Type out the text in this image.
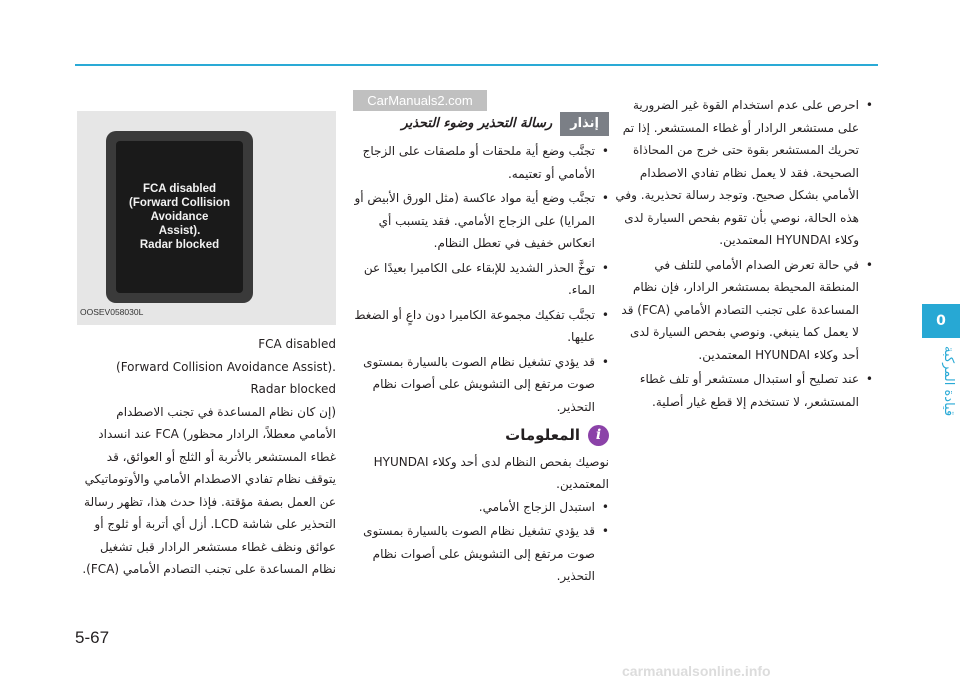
0
قيادة المركبة
• احرص على عدم استخدام القوة غير الضرورية على مستشعر الرادار أو غطاء المستشعر. إذا تم تحريك المستشعر بقوة حتى خرج من المحاذاة الصحيحة. فقد لا يعمل نظام تفادي الاصطدام الأمامي بشكل صحيح. وتوجد رسالة تحذيرية. وفي هذه الحالة، نوصي بأن تقوم بفحص السيارة لدى وكلاء HYUNDAI المعتمدين.
• في حالة تعرض الصدام الأمامي للتلف في المنطقة المحيطة بمستشعر الرادار، فإن نظام المساعدة على تجنب التصادم الأمامي (FCA) قد لا يعمل كما ينبغي. ونوصي بفحص السيارة لدى أحد وكلاء HYUNDAI المعتمدين.
• عند تصليح أو استبدال مستشعر أو تلف غطاء المستشعر، لا تستخدم إلا قطع غيار أصلية.
CarManuals2.com
إنذار
رسالة التحذير وضوء التحذير
• تجنَّب وضع أية ملحقات أو ملصقات على الزجاج الأمامي أو تعتيمه.
• تجنَّب وضع أية مواد عاكسة (مثل الورق الأبيض أو المرايا) على الزجاج الأمامي. فقد يتسبب أي انعكاس خفيف في تعطل النظام.
• توخَّ الحذر الشديد للإبقاء على الكاميرا بعيدًا عن الماء.
• تجنَّب تفكيك مجموعة الكاميرا دون داعٍ أو الضغط عليها.
• قد يؤدي تشغيل نظام الصوت بالسيارة بمستوى صوت مرتفع إلى التشويش على أصوات نظام التحذير.
i
المعلومات

نوصيك بفحص النظام لدى أحد وكلاء HYUNDAI المعتمدين.

• استبدل الزجاج الأمامي.
• قد يؤدي تشغيل نظام الصوت بالسيارة بمستوى صوت مرتفع إلى التشويش على أصوات نظام التحذير.
FCA disabled
(Forward Collision
Avoidance
Assist).
Radar blocked
OOSEV058030L
FCA disabled
.(Forward Collision Avoidance Assist)
Radar blocked

(إن كان نظام المساعدة في تجنب الاصطدام الأمامي معطلاً، الرادار محظور) FCA عند انسداد غطاء المستشعر بالأتربة أو الثلج أو العوائق، قد يتوقف نظام تفادي الاصطدام الأمامي والأوتوماتيكي عن العمل بصفة مؤقتة. فإذا حدث هذا، تظهر رسالة التحذير على شاشة LCD. أزل أي أتربة أو ثلوج أو عوائق ونظف غطاء مستشعر الرادار قبل تشغيل نظام المساعدة على تجنب التصادم الأمامي (FCA).

5-67
carmanualsonline.info
